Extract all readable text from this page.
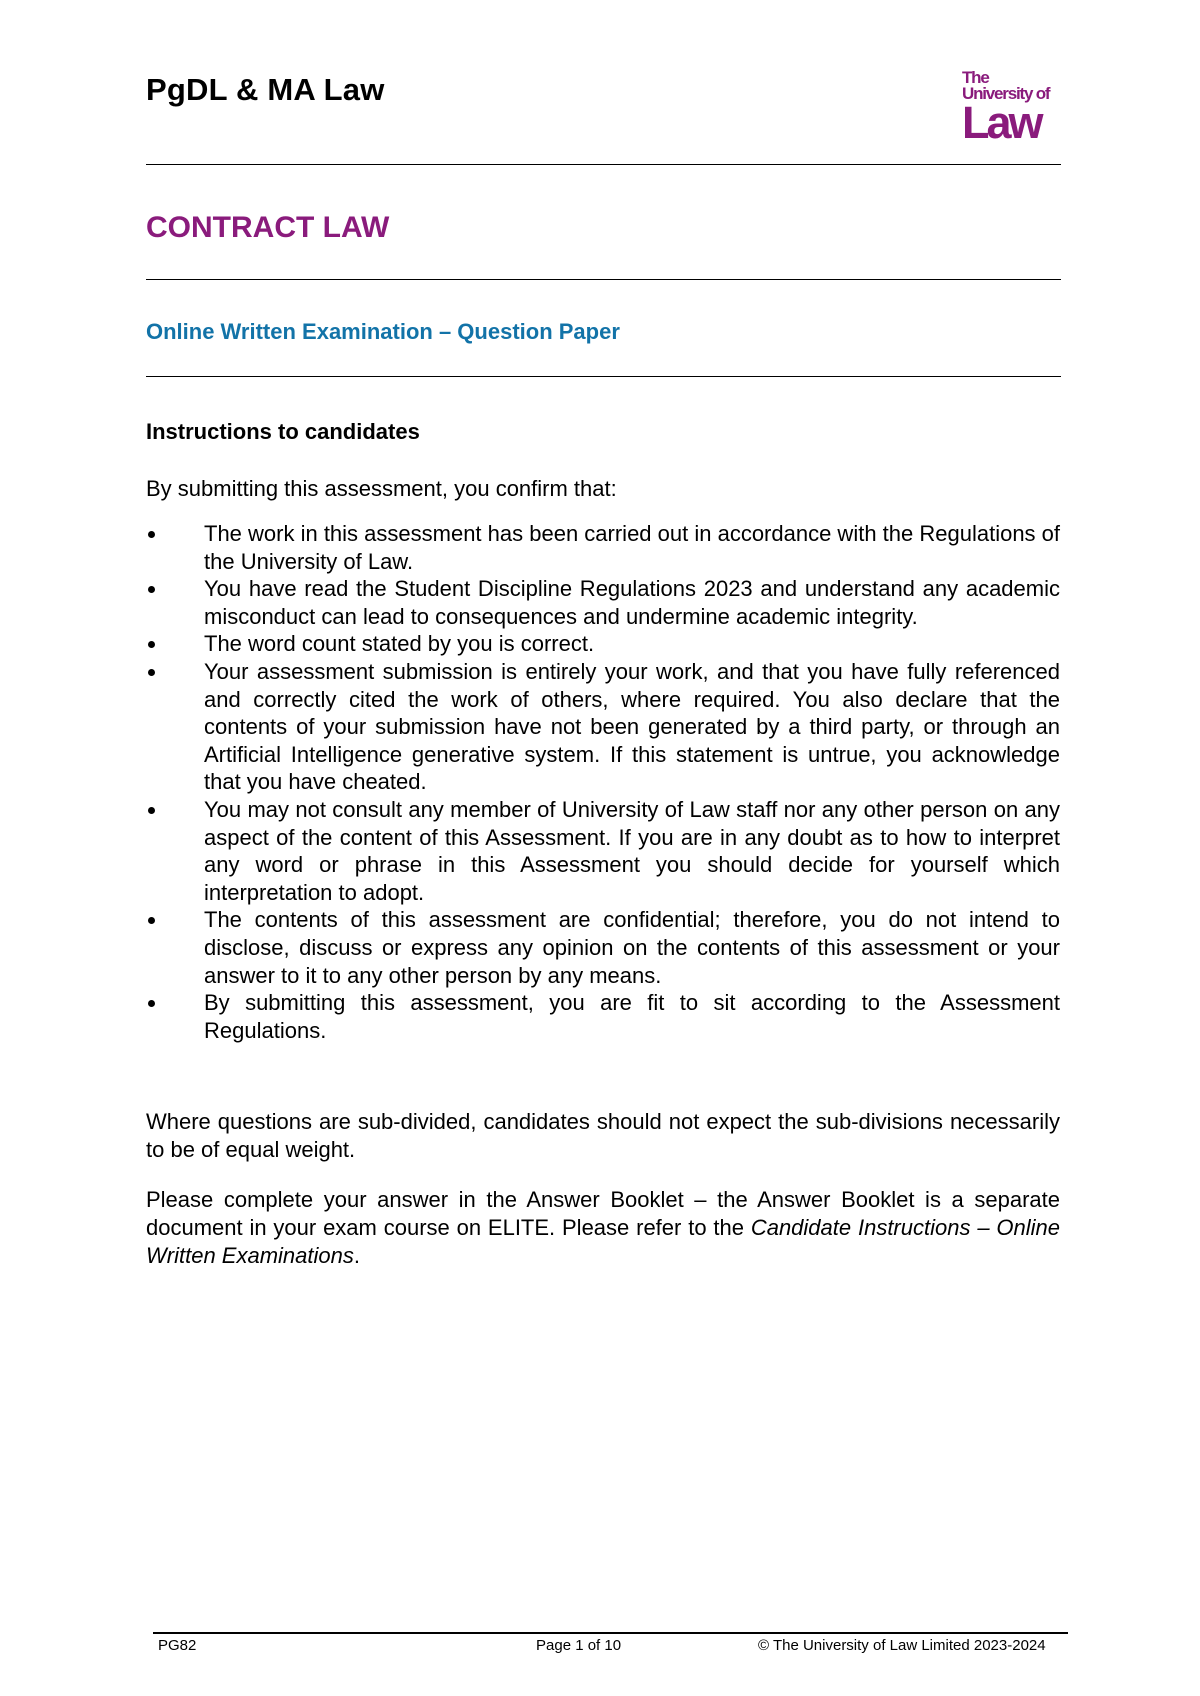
PgDL & MA Law	The
University of
Law
CONTRACT LAW
Online Written Examination – Question Paper
Instructions to candidates
By submitting this assessment, you confirm that:
The work in this assessment has been carried out in accordance with the Regulations of the University of Law.
You have read the Student Discipline Regulations 2023 and understand any academic misconduct can lead to consequences and undermine academic integrity.
The word count stated by you is correct.
Your assessment submission is entirely your work, and that you have fully referenced and correctly cited the work of others, where required. You also declare that the contents of your submission have not been generated by a third party, or through an Artificial Intelligence generative system. If this statement is untrue, you acknowledge that you have cheated.
You may not consult any member of University of Law staff nor any other person on any aspect of the content of this Assessment. If you are in any doubt as to how to interpret any word or phrase in this Assessment you should decide for yourself which interpretation to adopt.
The contents of this assessment are confidential; therefore, you do not intend to disclose, discuss or express any opinion on the contents of this assessment or your answer to it to any other person by any means.
By submitting this assessment, you are fit to sit according to the Assessment Regulations.

Where questions are sub-divided, candidates should not expect the sub-divisions necessarily to be of equal weight.

Please complete your answer in the Answer Booklet – the Answer Booklet is a separate document in your exam course on ELITE. Please refer to the Candidate Instructions – Online Written Examinations.

PG82	Page 1 of 10	© The University of Law Limited 2023-2024
